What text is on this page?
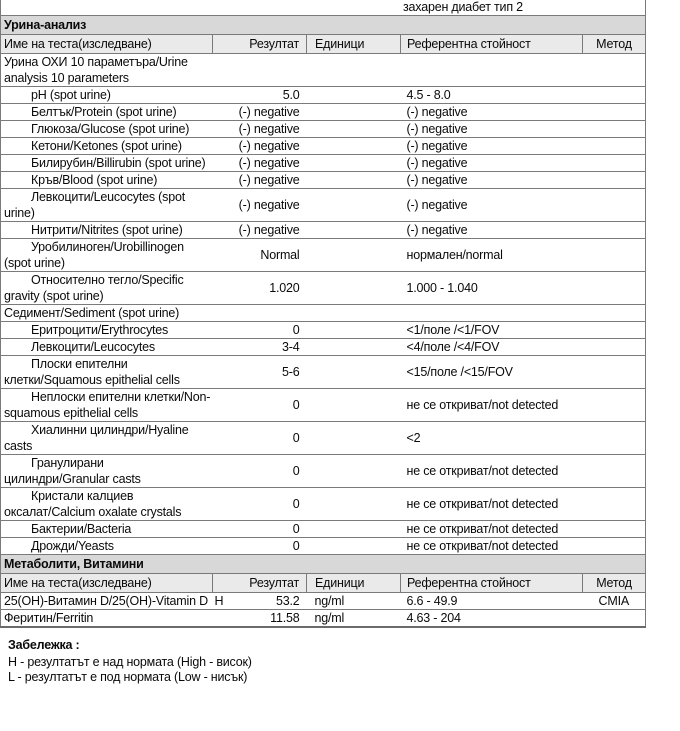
захарен диабет тип 2
Урина-анализ				
Име на теста(изследване)	Резултат	Единици	Референтна стойност	Метод
Урина ОХИ 10 параметъра/Urine analysis 10 parameters				
pH (spot urine)	5.0		4.5 - 8.0	
Белтък/Protein (spot urine)	(-) negative		(-) negative	
Глюкоза/Glucose (spot urine)	(-) negative		(-) negative	
Кетони/Ketones (spot urine)	(-) negative		(-) negative	
Билирубин/Billirubin (spot urine)	(-) negative		(-) negative	
Кръв/Blood (spot urine)	(-) negative		(-) negative	
Левкоцити/Leucocytes (spot urine)	(-) negative		(-) negative	
Нитрити/Nitrites (spot urine)	(-) negative		(-) negative	
Уробилиноген/Urobillinogen (spot urine)	Normal		нормален/normal	
Относително тегло/Specific gravity (spot urine)	1.020		1.000 - 1.040	
Седимент/Sediment (spot urine)				
Еритроцити/Erythrocytes	0		<1/поле /<1/FOV	
Левкоцити/Leucocytes	3-4		<4/поле /<4/FOV	
Плоски епителни клетки/Squamous epithelial cells	5-6		<15/поле /<15/FOV	
Неплоски епителни клетки/Non-squamous epithelial cells	0		не се откриват/not detected	
Хиалинни цилиндри/Hyaline casts	0		<2	
Гранулирани цилиндри/Granular casts	0		не се откриват/not detected	
Кристали калциев оксалат/Calcium oxalate crystals	0		не се откриват/not detected	
Бактерии/Bacteria	0		не се откриват/not detected	
Дрожди/Yeasts	0		не се откриват/not detected	
Метаболити, Витамини				
Име на теста(изследване)	Резултат	Единици	Референтна стойност	Метод
25(OH)-Витамин D/25(OH)-Vitamin D	H 53.2	ng/ml	6.6 - 49.9	CMIA
Феритин/Ferritin	11.58	ng/ml	4.63 - 204	
Забележка :
H - резултатът е над нормата (High - висок)
L - резултатът е под нормата (Low - нисък)
